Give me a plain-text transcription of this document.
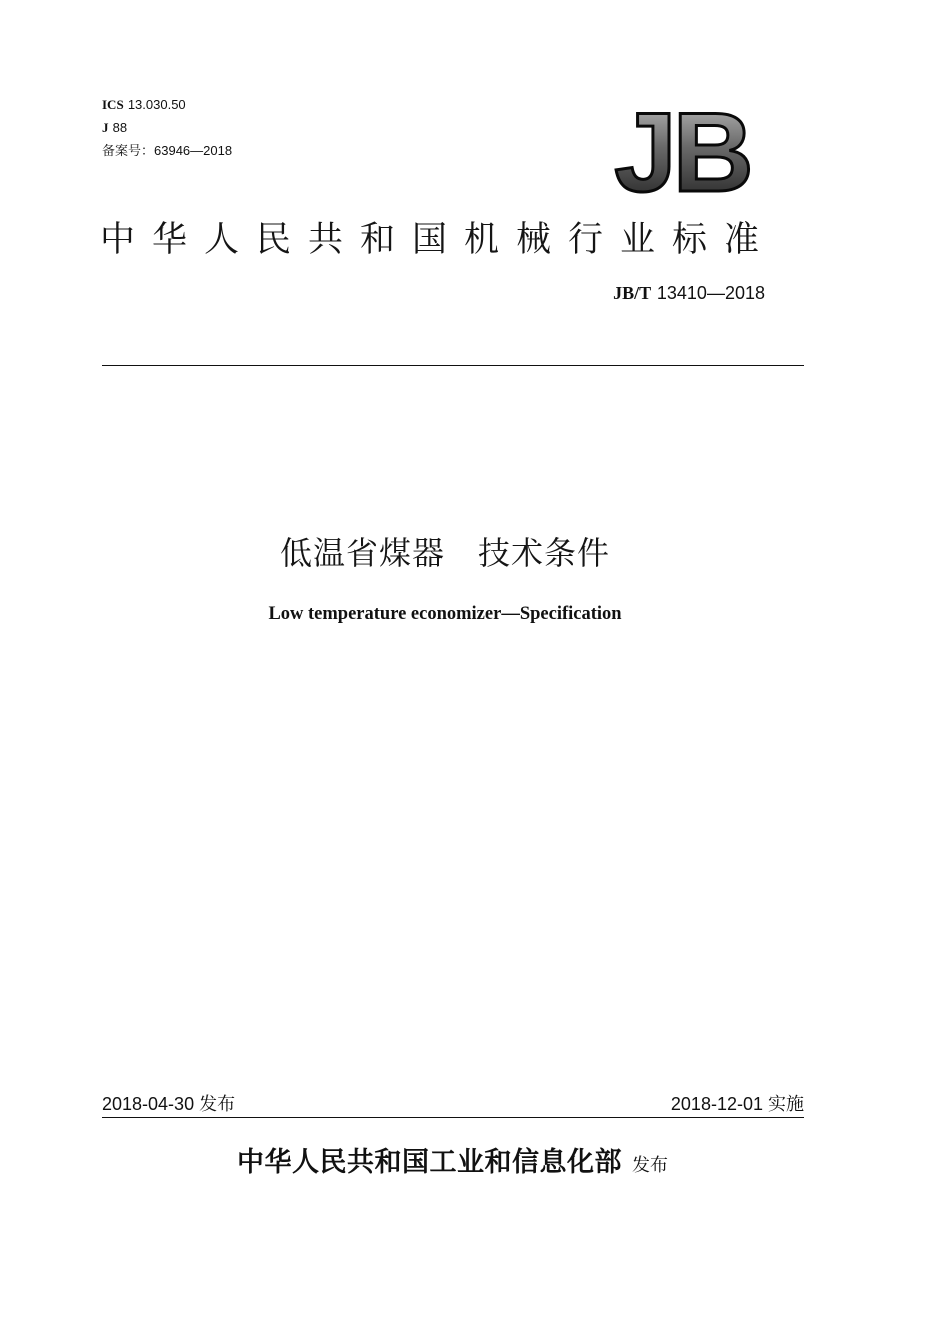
ICS 13.030.50
J 88
备案号：63946—2018	JB
中华人民共和国机械行业标准
JB/T 13410—2018
低温省煤器　技术条件
Low temperature economizer—Specification
2018-04-30 发布	2018-12-01 实施
中华人民共和国工业和信息化部 发布
